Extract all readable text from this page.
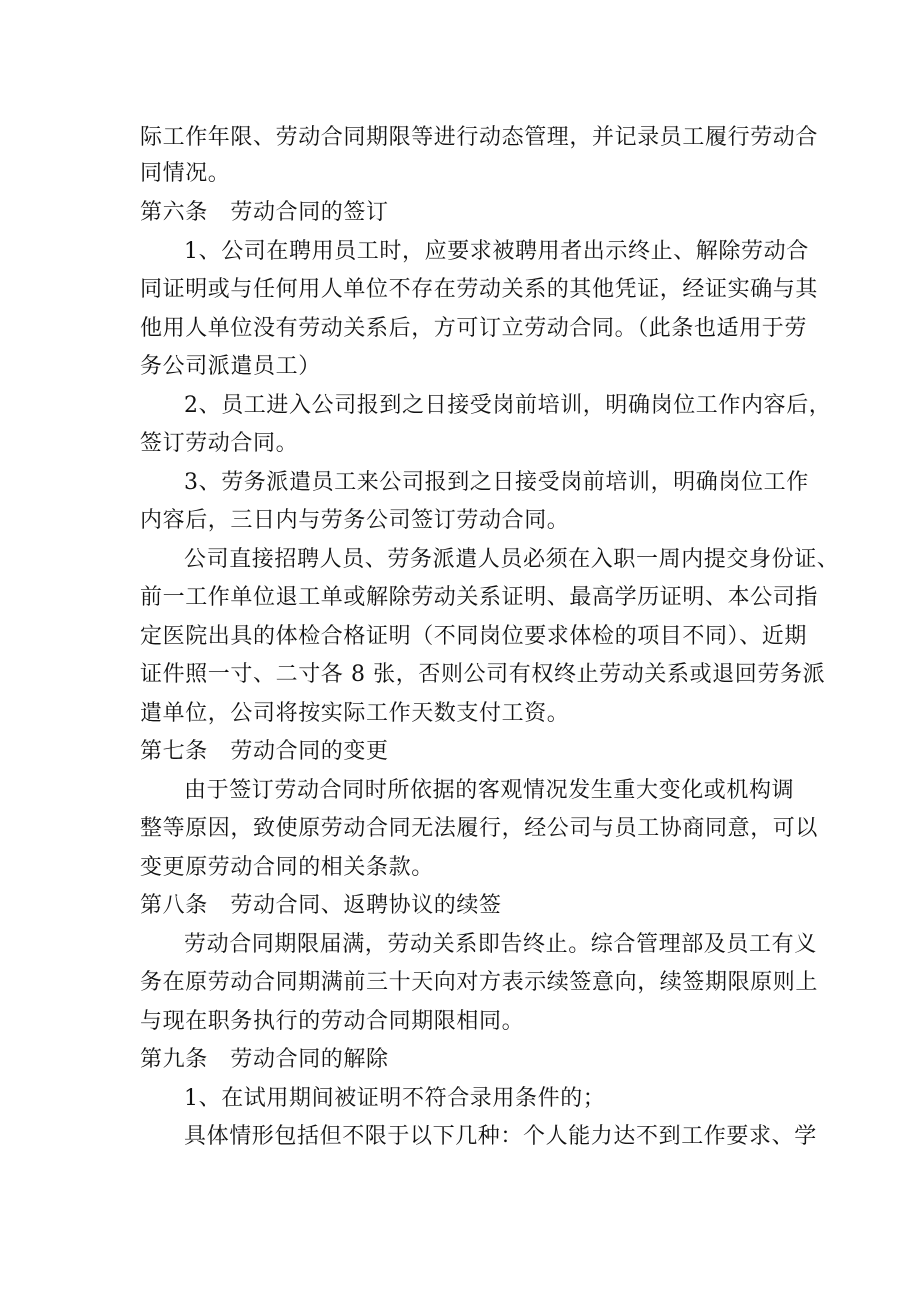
际工作年限、劳动合同期限等进行动态管理，并记录员工履行劳动合
同情况。
第六条　劳动合同的签订
1、公司在聘用员工时，应要求被聘用者出示终止、解除劳动合
同证明或与任何用人单位不存在劳动关系的其他凭证，经证实确与其
他用人单位没有劳动关系后，方可订立劳动合同。（此条也适用于劳
务公司派遣员工）
2、员工进入公司报到之日接受岗前培训，明确岗位工作内容后，
签订劳动合同。
3、劳务派遣员工来公司报到之日接受岗前培训，明确岗位工作
内容后，三日内与劳务公司签订劳动合同。
公司直接招聘人员、劳务派遣人员必须在入职一周内提交身份证、
前一工作单位退工单或解除劳动关系证明、最高学历证明、本公司指
定医院出具的体检合格证明（不同岗位要求体检的项目不同）、近期
证件照一寸、二寸各 8 张，否则公司有权终止劳动关系或退回劳务派
遣单位，公司将按实际工作天数支付工资。
第七条　劳动合同的变更
由于签订劳动合同时所依据的客观情况发生重大变化或机构调
整等原因，致使原劳动合同无法履行，经公司与员工协商同意，可以
变更原劳动合同的相关条款。
第八条　劳动合同、返聘协议的续签
劳动合同期限届满，劳动关系即告终止。综合管理部及员工有义
务在原劳动合同期满前三十天向对方表示续签意向，续签期限原则上
与现在职务执行的劳动合同期限相同。
第九条　劳动合同的解除
1、在试用期间被证明不符合录用条件的；
具体情形包括但不限于以下几种：个人能力达不到工作要求、学
